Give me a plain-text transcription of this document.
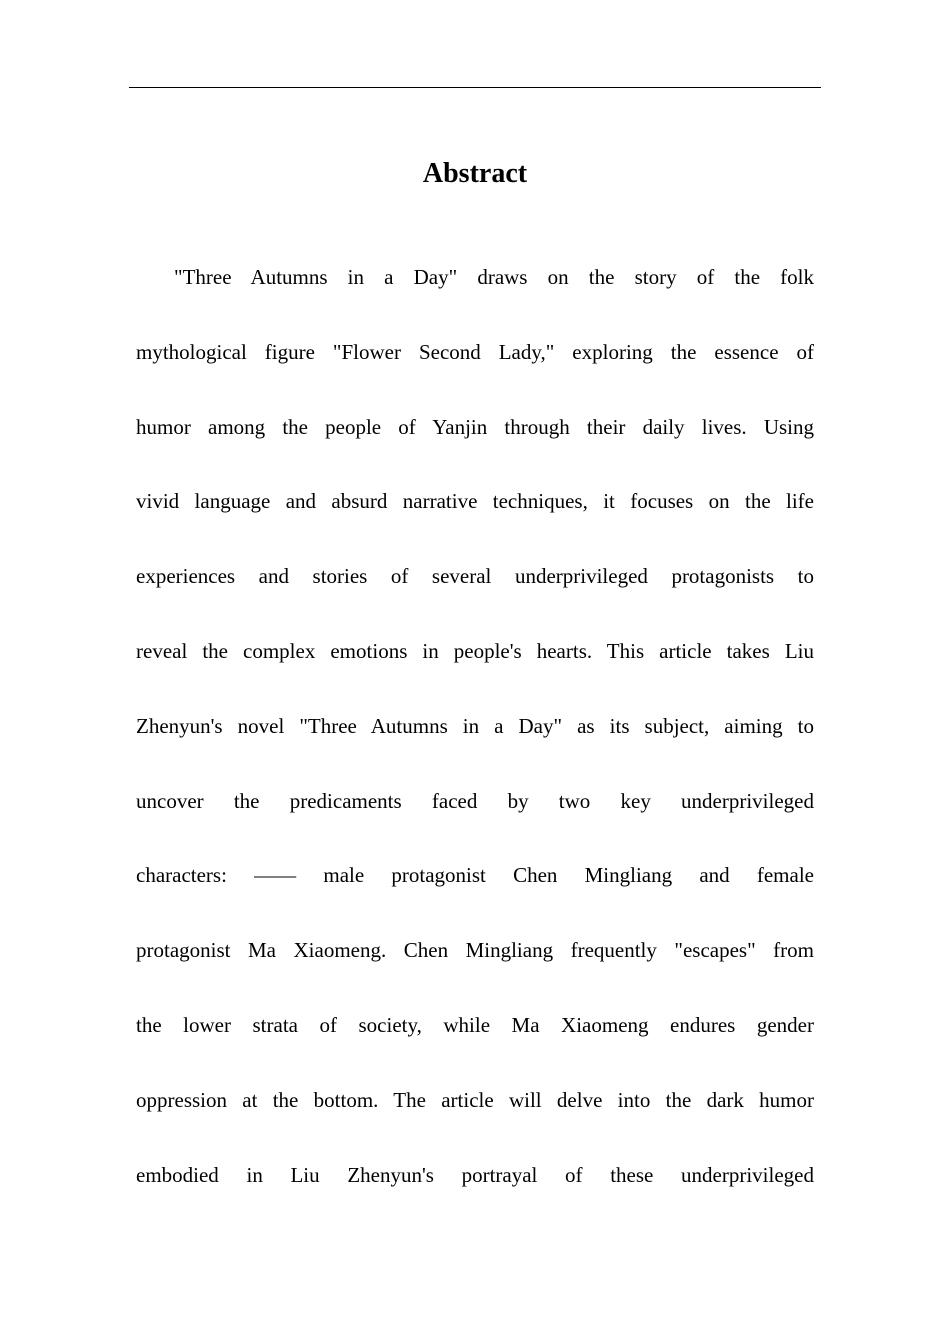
Abstract
"Three Autumns in a Day" draws on the story of the folk
mythological figure "Flower Second Lady," exploring the essence of
humor among the people of Yanjin through their daily lives. Using
vivid language and absurd narrative techniques, it focuses on the life
experiences and stories of several underprivileged protagonists to
reveal the complex emotions in people's hearts. This article takes Liu
Zhenyun's novel "Three Autumns in a Day" as its subject, aiming to
uncover the predicaments faced by two key underprivileged
characters: —— male protagonist Chen Mingliang and female
protagonist Ma Xiaomeng. Chen Mingliang frequently "escapes" from
the lower strata of society, while Ma Xiaomeng endures gender
oppression at the bottom. The article will delve into the dark humor
embodied in Liu Zhenyun's portrayal of these underprivileged
